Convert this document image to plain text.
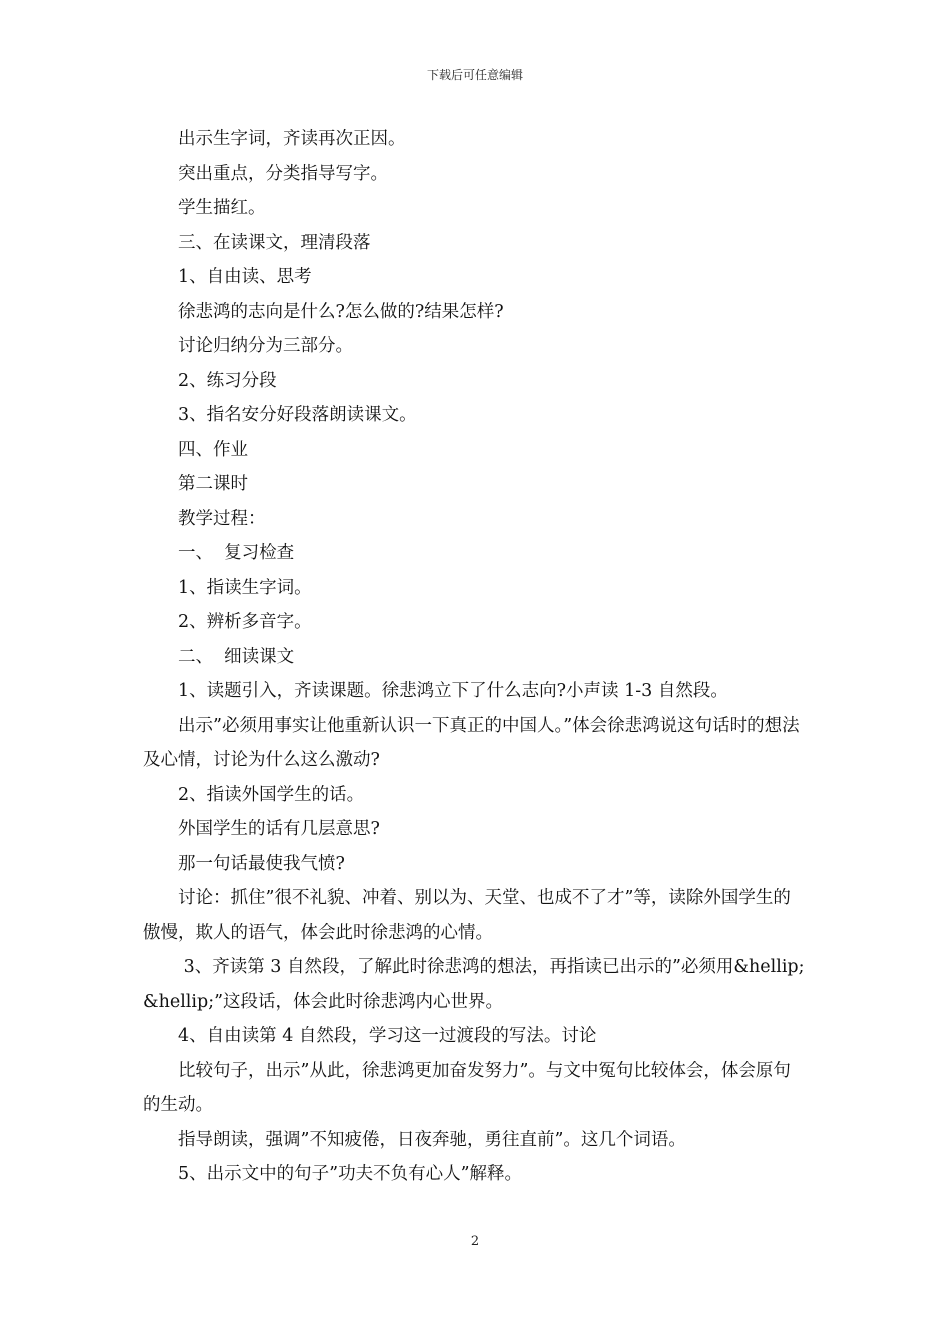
下载后可任意编辑

出示生字词，齐读再次正因。

突出重点，分类指导写字。

学生描红。

三、在读课文，理清段落

1、自由读、思考

徐悲鸿的志向是什么?怎么做的?结果怎样?

讨论归纳分为三部分。

2、练习分段

3、指名安分好段落朗读课文。

四、作业

第二课时

教学过程：

一、  复习检查

1、指读生字词。

2、辨析多音字。

二、  细读课文

1、读题引入，齐读课题。徐悲鸿立下了什么志向?小声读 1-3 自然段。

出示”必须用事实让他重新认识一下真正的中国人。”体会徐悲鸿说这句话时的想法及心情，讨论为什么这么激动?

2、指读外国学生的话。

外国学生的话有几层意思?

那一句话最使我气愤?

讨论：抓住”很不礼貌、冲着、别以为、天堂、也成不了才”等，读除外国学生的傲慢，欺人的语气，体会此时徐悲鸿的心情。

3、齐读第 3 自然段，了解此时徐悲鸿的想法，再指读已出示的”必须用&hellip;&hellip;”这段话，体会此时徐悲鸿内心世界。

4、自由读第 4 自然段，学习这一过渡段的写法。讨论

比较句子，出示”从此，徐悲鸿更加奋发努力”。与文中冤句比较体会，体会原句的生动。

指导朗读，强调”不知疲倦，日夜奔驰，勇往直前”。这几个词语。

5、出示文中的句子”功夫不负有心人”解释。

2
